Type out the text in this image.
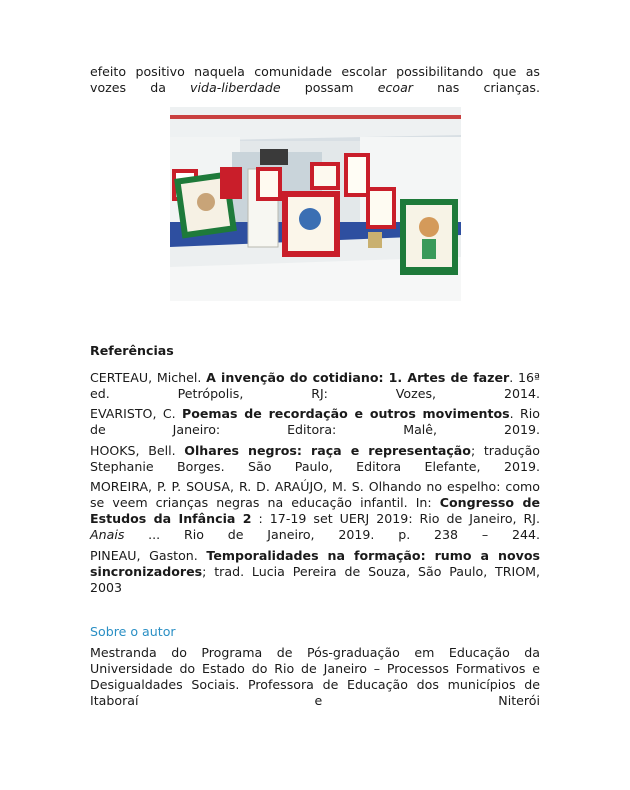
efeito positivo naquela comunidade escolar possibilitando que as vozes da vida-liberdade possam ecoar nas crianças.

Referências

CERTEAU, Michel. A invenção do cotidiano: 1. Artes de fazer. 16ª ed. Petrópolis, RJ: Vozes, 2014.

EVARISTO, C. Poemas de recordação e outros movimentos. Rio de Janeiro: Editora: Malê, 2019.

HOOKS, Bell. Olhares negros: raça e representação; tradução Stephanie Borges. São Paulo, Editora Elefante, 2019.

MOREIRA, P. P. SOUSA, R. D. ARAÚJO, M. S. Olhando no espelho: como se veem crianças negras na educação infantil. In: Congresso de Estudos da Infância 2 : 17-19 set UERJ 2019: Rio de Janeiro, RJ. Anais ... Rio de Janeiro, 2019. p. 238 – 244.

PINEAU, Gaston. Temporalidades na formação: rumo a novos sincronizadores; trad. Lucia Pereira de Souza, São Paulo, TRIOM, 2003

Sobre o autor

Mestranda do Programa de Pós-graduação em Educação da Universidade do Estado do Rio de Janeiro – Processos Formativos e Desigualdades Sociais. Professora de Educação dos municípios de Itaboraí e Niterói
